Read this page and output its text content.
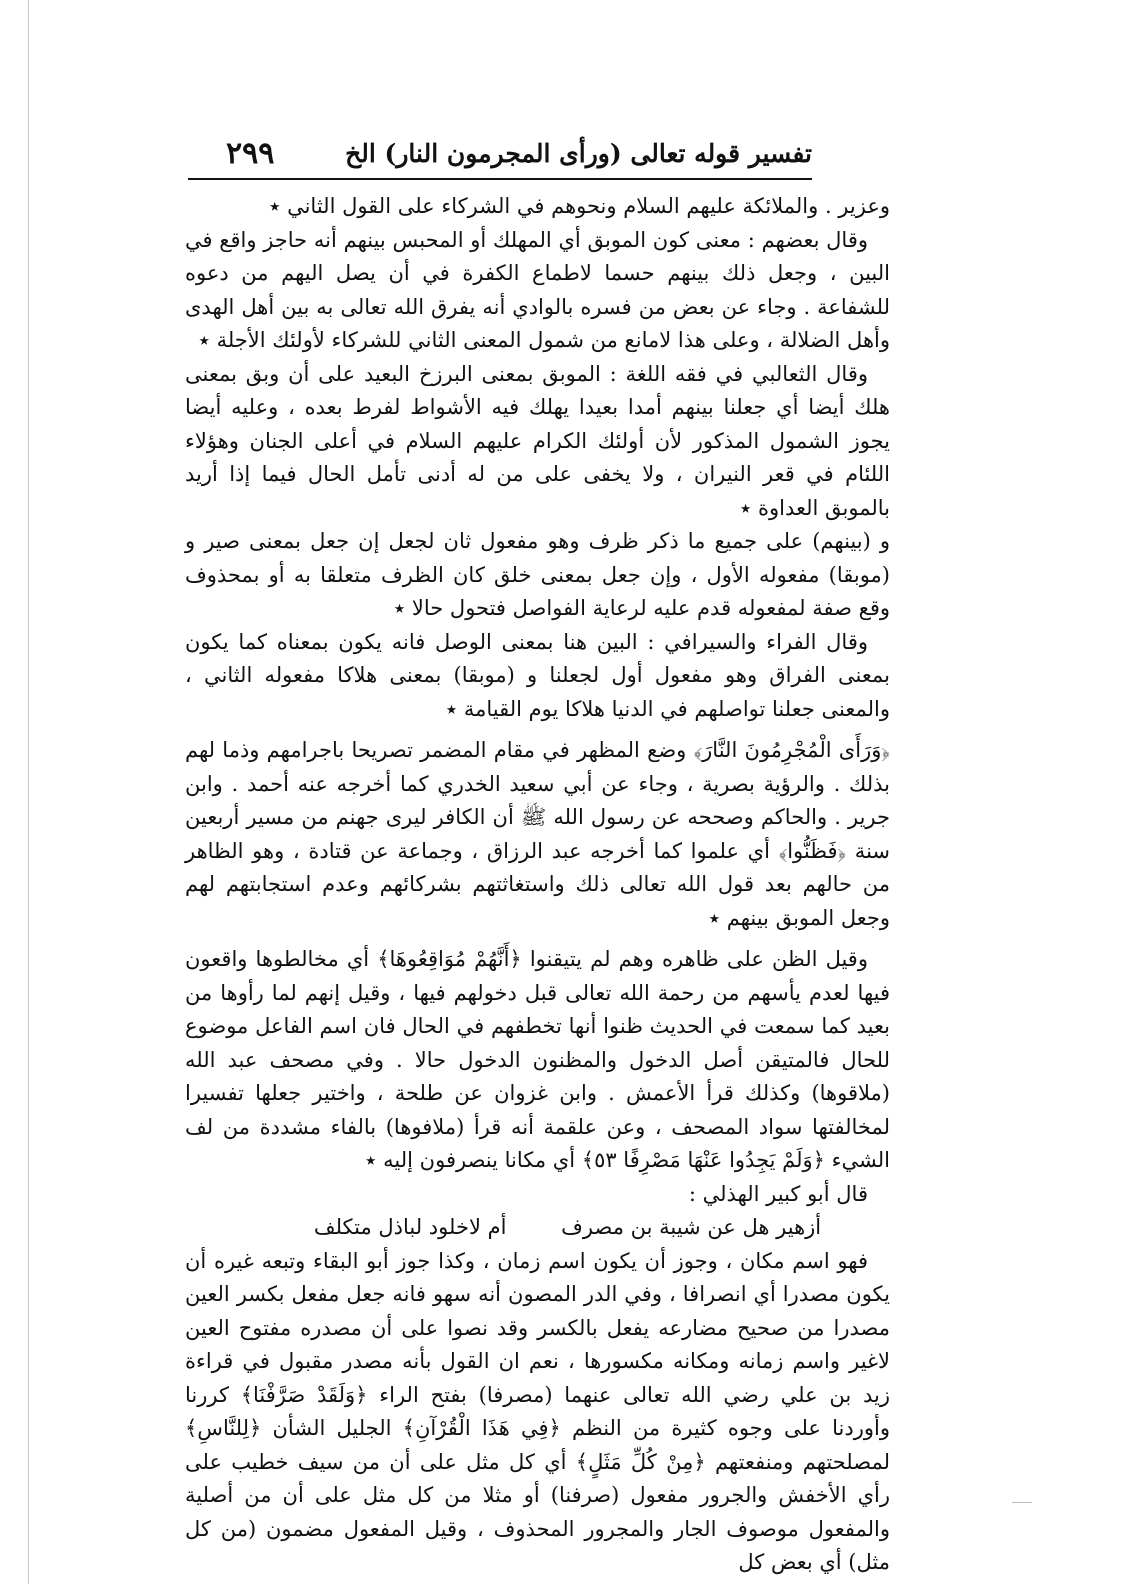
تفسير قوله تعالى (ورأى المجرمون النار) الخ
٢٩٩

وعزير . والملائكة عليهم السلام ونحوهم في الشركاء على القول الثاني ٭

وقال بعضهم : معنى كون الموبق أي المهلك أو المحبس بينهم أنه حاجز واقع في البين ، وجعل ذلك بينهم حسما لاطماع الكفرة في أن يصل اليهم من دعوه للشفاعة . وجاء عن بعض من فسره بالوادي أنه يفرق الله تعالى به بين أهل الهدى وأهل الضلالة ، وعلى هذا لامانع من شمول المعنى الثاني للشركاء لأولئك الأجلة ٭

وقال الثعالبي في فقه اللغة : الموبق بمعنى البرزخ البعيد على أن وبق بمعنى هلك أيضا أي جعلنا بينهم أمدا بعيدا يهلك فيه الأشواط لفرط بعده ، وعليه أيضا يجوز الشمول المذكور لأن أولئك الكرام عليهم السلام في أعلى الجنان وهؤلاء اللئام في قعر النيران ، ولا يخفى على من له أدنى تأمل الحال فيما إذا أريد بالموبق العداوة ٭

و (بينهم) على جميع ما ذكر ظرف وهو مفعول ثان لجعل إن جعل بمعنى صير و (موبقا) مفعوله الأول ، وإن جعل بمعنى خلق كان الظرف متعلقا به أو بمحذوف وقع صفة لمفعوله قدم عليه لرعاية الفواصل فتحول حالا ٭

وقال الفراء والسيرافي : البين هنا بمعنى الوصل فانه يكون بمعناه كما يكون بمعنى الفراق وهو مفعول أول لجعلنا و (موبقا) بمعنى هلاكا مفعوله الثاني ، والمعنى جعلنا تواصلهم في الدنيا هلاكا يوم القيامة ٭

﴿وَرَأَى الْمُجْرِمُونَ النَّارَ﴾ وضع المظهر في مقام المضمر تصريحا باجرامهم وذما لهم بذلك . والرؤية بصرية ، وجاء عن أبي سعيد الخدري كما أخرجه عنه أحمد . وابن جرير . والحاكم وصححه عن رسول الله ﷺ أن الكافر ليرى جهنم من مسير أربعين سنة ﴿فَظَنُّوا﴾ أي علموا كما أخرجه عبد الرزاق ، وجماعة عن قتادة ، وهو الظاهر من حالهم بعد قول الله تعالى ذلك واستغاثتهم بشركائهم وعدم استجابتهم لهم وجعل الموبق بينهم ٭

وقيل الظن على ظاهره وهم لم يتيقنوا ﴿أَنَّهُمْ مُوَاقِعُوهَا﴾ أي مخالطوها واقعون فيها لعدم يأسهم من رحمة الله تعالى قبل دخولهم فيها ، وقيل إنهم لما رأوها من بعيد كما سمعت في الحديث ظنوا أنها تخطفهم في الحال فان اسم الفاعل موضوع للحال فالمتيقن أصل الدخول والمظنون الدخول حالا . وفي مصحف عبد الله (ملاقوها) وكذلك قرأ الأعمش . وابن غزوان عن طلحة ، واختير جعلها تفسيرا لمخالفتها سواد المصحف ، وعن علقمة أنه قرأ (ملافوها) بالفاء مشددة من لف الشيء ﴿وَلَمْ يَجِدُوا عَنْهَا مَصْرِفًا ٥٣﴾ أي مكانا ينصرفون إليه ٭

قال أبو كبير الهذلي :

أزهير هل عن شيبة بن مصرف أم لاخلود لباذل متكلف

فهو اسم مكان ، وجوز أن يكون اسم زمان ، وكذا جوز أبو البقاء وتبعه غيره أن يكون مصدرا أي انصرافا ، وفي الدر المصون أنه سهو فانه جعل مفعل بكسر العين مصدرا من صحيح مضارعه يفعل بالكسر وقد نصوا على أن مصدره مفتوح العين لاغير واسم زمانه ومكانه مكسورها ، نعم ان القول بأنه مصدر مقبول في قراءة زيد بن علي رضي الله تعالى عنهما (مصرفا) بفتح الراء ﴿وَلَقَدْ صَرَّفْنَا﴾ كررنا وأوردنا على وجوه كثيرة من النظم ﴿فِي هَذَا الْقُرْآنِ﴾ الجليل الشأن ﴿لِلنَّاسِ﴾ لمصلحتهم ومنفعتهم ﴿مِنْ كُلِّ مَثَلٍ﴾ أي كل مثل على أن من سيف خطيب على رأي الأخفش والجرور مفعول (صرفنا) أو مثلا من كل مثل على أن من أصلية والمفعول موصوف الجار والمجرور المحذوف ، وقيل المفعول مضمون (من كل مثل) أي بعض كل
